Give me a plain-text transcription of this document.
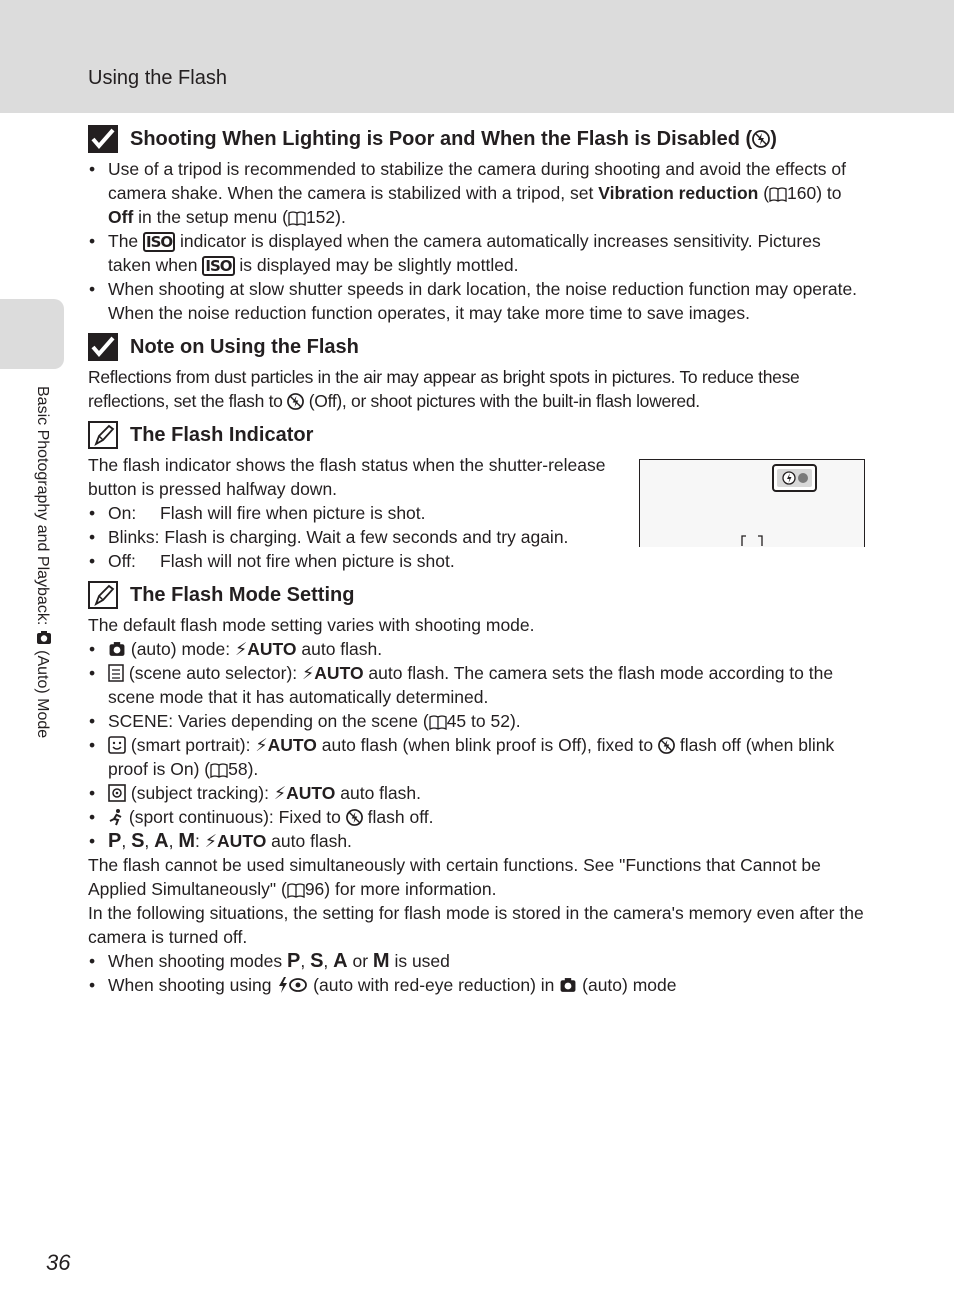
Using the Flash
Basic Photography and Playback:  (Auto) Mode
Shooting When Lighting is Poor and When the Flash is Disabled ( )
• Use of a tripod is recommended to stabilize the camera during shooting and avoid the effects of camera shake. When the camera is stabilized with a tripod, set Vibration reduction ( 160) to Off in the setup menu ( 152).
• The ISO indicator is displayed when the camera automatically increases sensitivity. Pictures taken when ISO is displayed may be slightly mottled.
• When shooting at slow shutter speeds in dark location, the noise reduction function may operate. When the noise reduction function operates, it may take more time to save images.
Note on Using the Flash
Reflections from dust particles in the air may appear as bright spots in pictures. To reduce these reflections, set the flash to  (Off), or shoot pictures with the built-in flash lowered.
The Flash Indicator
The flash indicator shows the flash status when the shutter-release button is pressed halfway down.
• On: Flash will fire when picture is shot.
• Blinks: Flash is charging. Wait a few seconds and try again.
• Off: Flash will not fire when picture is shot.
The Flash Mode Setting
The default flash mode setting varies with shooting mode.
• (auto) mode: ⚡AUTO auto flash.
• (scene auto selector): ⚡AUTO auto flash. The camera sets the flash mode according to the scene mode that it has automatically determined.
• SCENE: Varies depending on the scene ( 45 to 52).
• (smart portrait): ⚡AUTO auto flash (when blink proof is Off), fixed to  flash off (when blink proof is On) ( 58).
• (subject tracking): ⚡AUTO auto flash.
• (sport continuous): Fixed to  flash off.
• P, S, A, M: ⚡AUTO auto flash.
The flash cannot be used simultaneously with certain functions. See "Functions that Cannot be Applied Simultaneously" ( 96) for more information.
In the following situations, the setting for flash mode is stored in the camera's memory even after the camera is turned off.
• When shooting modes P, S, A or M is used
• When shooting using  (auto with red-eye reduction) in  (auto) mode
36
